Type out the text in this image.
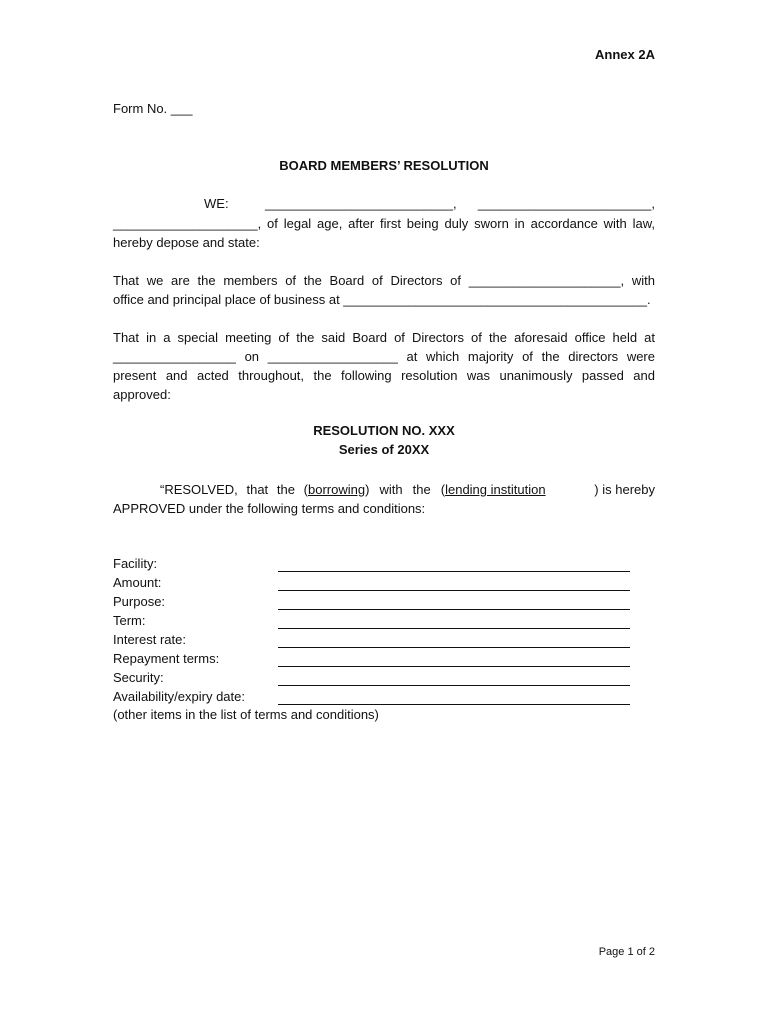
Annex 2A
Form No. ___
BOARD MEMBERS’ RESOLUTION
WE:	__________________________, ________________________,
____________________, of legal age, after first being duly sworn in accordance with law,
hereby depose and state:
That we are the members of the Board of Directors of _____________________, with
office and principal place of business at __________________________________________.
That in a special meeting of the said Board of Directors of the aforesaid office held at
_________________ on __________________ at which majority of the directors were
present and acted throughout, the following resolution was unanimously passed and
approved:
RESOLUTION NO. XXX
Series of 20XX
“RESOLVED, that the (borrowing) with the (lending institution	) is hereby
APPROVED under the following terms and conditions:
Facility:
Amount:
Purpose:
Term:
Interest rate:
Repayment terms:
Security:
Availability/expiry date:
(other items in the list of terms and conditions)
Page 1 of 2
